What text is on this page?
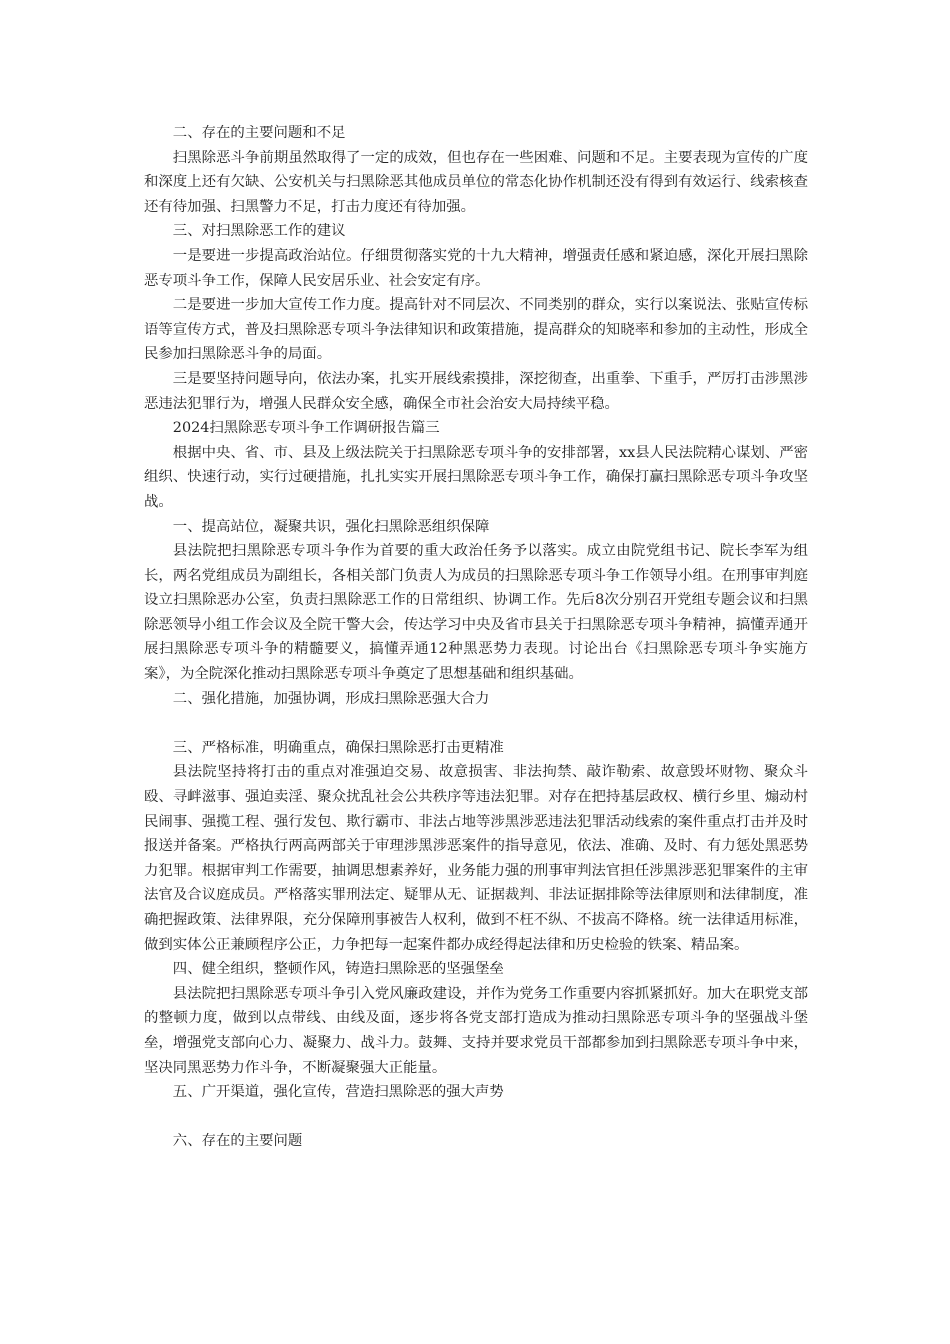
二、存在的主要问题和不足

扫黑除恶斗争前期虽然取得了一定的成效，但也存在一些困难、问题和不足。主要表现为宣传的广度和深度上还有欠缺、公安机关与扫黑除恶其他成员单位的常态化协作机制还没有得到有效运行、线索核查还有待加强、扫黑警力不足，打击力度还有待加强。

三、对扫黑除恶工作的建议

一是要进一步提高政治站位。仔细贯彻落实党的十九大精神，增强责任感和紧迫感，深化开展扫黑除恶专项斗争工作，保障人民安居乐业、社会安定有序。

二是要进一步加大宣传工作力度。提高针对不同层次、不同类别的群众，实行以案说法、张贴宣传标语等宣传方式，普及扫黑除恶专项斗争法律知识和政策措施，提高群众的知晓率和参加的主动性，形成全民参加扫黑除恶斗争的局面。

三是要坚持问题导向，依法办案，扎实开展线索摸排，深挖彻查，出重拳、下重手，严厉打击涉黑涉恶违法犯罪行为，增强人民群众安全感，确保全市社会治安大局持续平稳。

2024扫黑除恶专项斗争工作调研报告篇三

根据中央、省、市、县及上级法院关于扫黑除恶专项斗争的安排部署，xx县人民法院精心谋划、严密组织、快速行动，实行过硬措施，扎扎实实开展扫黑除恶专项斗争工作，确保打赢扫黑除恶专项斗争攻坚战。

一、提高站位，凝聚共识，强化扫黑除恶组织保障

县法院把扫黑除恶专项斗争作为首要的重大政治任务予以落实。成立由院党组书记、院长李军为组长，两名党组成员为副组长，各相关部门负责人为成员的扫黑除恶专项斗争工作领导小组。在刑事审判庭设立扫黑除恶办公室，负责扫黑除恶工作的日常组织、协调工作。先后8次分别召开党组专题会议和扫黑除恶领导小组工作会议及全院干警大会，传达学习中央及省市县关于扫黑除恶专项斗争精神，搞懂弄通开展扫黑除恶专项斗争的精髓要义，搞懂弄通12种黑恶势力表现。讨论出台《扫黑除恶专项斗争实施方案》，为全院深化推动扫黑除恶专项斗争奠定了思想基础和组织基础。

二、强化措施，加强协调，形成扫黑除恶强大合力

三、严格标准，明确重点，确保扫黑除恶打击更精准

县法院坚持将打击的重点对准强迫交易、故意损害、非法拘禁、敲诈勒索、故意毁坏财物、聚众斗殴、寻衅滋事、强迫卖淫、聚众扰乱社会公共秩序等违法犯罪。对存在把持基层政权、横行乡里、煽动村民闹事、强揽工程、强行发包、欺行霸市、非法占地等涉黑涉恶违法犯罪活动线索的案件重点打击并及时报送并备案。严格执行两高两部关于审理涉黑涉恶案件的指导意见，依法、准确、及时、有力惩处黑恶势力犯罪。根据审判工作需要，抽调思想素养好，业务能力强的刑事审判法官担任涉黑涉恶犯罪案件的主审法官及合议庭成员。严格落实罪刑法定、疑罪从无、证据裁判、非法证据排除等法律原则和法律制度，准确把握政策、法律界限，充分保障刑事被告人权利，做到不枉不纵、不拔高不降格。统一法律适用标准，做到实体公正兼顾程序公正，力争把每一起案件都办成经得起法律和历史检验的铁案、精品案。

四、健全组织，整顿作风，铸造扫黑除恶的坚强堡垒

县法院把扫黑除恶专项斗争引入党风廉政建设，并作为党务工作重要内容抓紧抓好。加大在职党支部的整顿力度，做到以点带线、由线及面，逐步将各党支部打造成为推动扫黑除恶专项斗争的坚强战斗堡垒，增强党支部向心力、凝聚力、战斗力。鼓舞、支持并要求党员干部都参加到扫黑除恶专项斗争中来，坚决同黑恶势力作斗争，不断凝聚强大正能量。

五、广开渠道，强化宣传，营造扫黑除恶的强大声势

六、存在的主要问题
